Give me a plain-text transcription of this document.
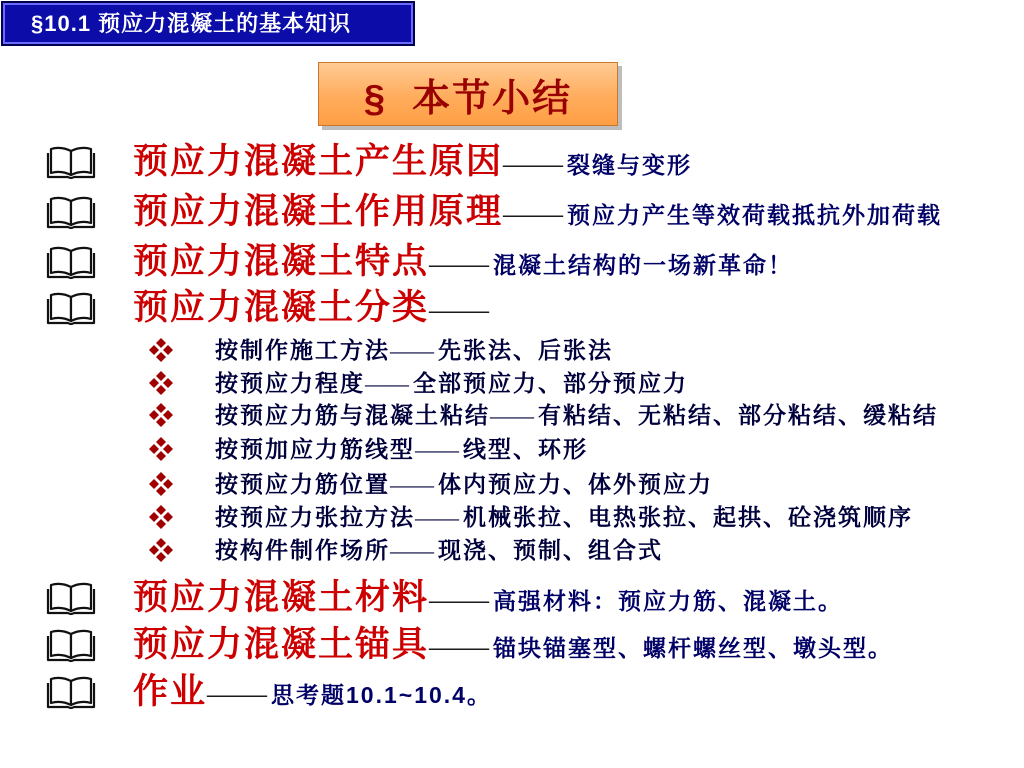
§10.1 预应力混凝土的基本知识
§  本节小结
预应力混凝土产生原因 —— 裂缝与变形
预应力混凝土作用原理 —— 预应力产生等效荷载抵抗外加荷载
预应力混凝土特点 —— 混凝土结构的一场新革命！
预应力混凝土分类 ——
按制作施工方法 —— 先张法、后张法
按预应力程度 —— 全部预应力、部分预应力
按预应力筋与混凝土粘结 —— 有粘结、无粘结、部分粘结、缓粘结
按预加应力筋线型 —— 线型、环形
按预应力筋位置 —— 体内预应力、体外预应力
按预应力张拉方法 —— 机械张拉、电热张拉、起拱、砼浇筑顺序
按构件制作场所 —— 现浇、预制、组合式
预应力混凝土材料 —— 高强材料：预应力筋、混凝土。
预应力混凝土锚具 —— 锚块锚塞型、螺杆螺丝型、墩头型。
作业 —— 思考题10.1~10.4。
